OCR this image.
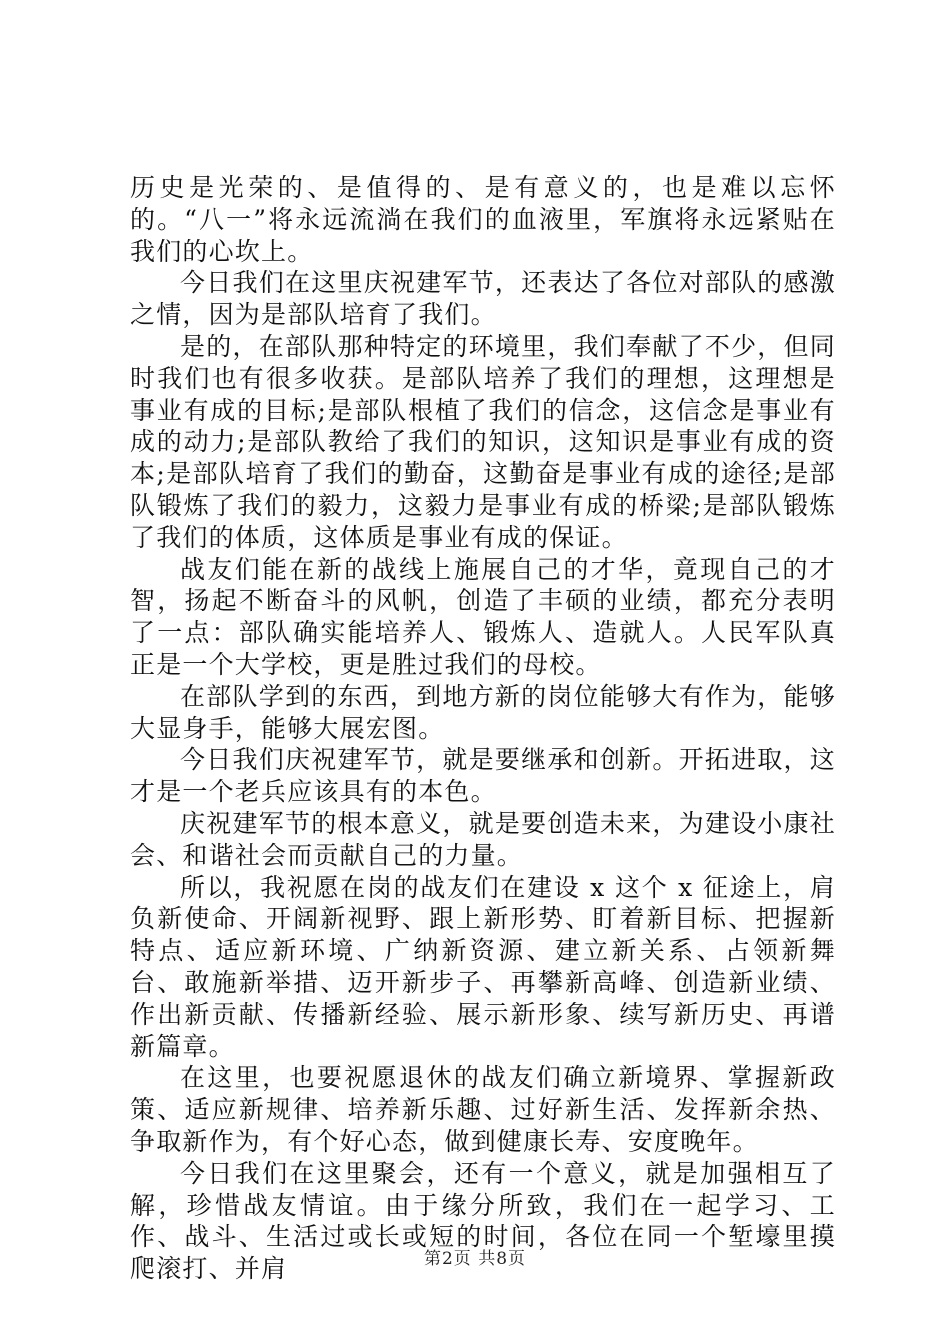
历史是光荣的、是值得的、是有意义的，也是难以忘怀的。“八一”将永远流淌在我们的血液里，军旗将永远紧贴在我们的心坎上。

今日我们在这里庆祝建军节，还表达了各位对部队的感激之情，因为是部队培育了我们。

是的，在部队那种特定的环境里，我们奉献了不少，但同时我们也有很多收获。是部队培养了我们的理想，这理想是事业有成的目标;是部队根植了我们的信念，这信念是事业有成的动力;是部队教给了我们的知识，这知识是事业有成的资本;是部队培育了我们的勤奋，这勤奋是事业有成的途径;是部队锻炼了我们的毅力，这毅力是事业有成的桥梁;是部队锻炼了我们的体质，这体质是事业有成的保证。

战友们能在新的战线上施展自己的才华，竟现自己的才智，扬起不断奋斗的风帆，创造了丰硕的业绩，都充分表明了一点：部队确实能培养人、锻炼人、造就人。人民军队真正是一个大学校，更是胜过我们的母校。

在部队学到的东西，到地方新的岗位能够大有作为，能够大显身手，能够大展宏图。

今日我们庆祝建军节，就是要继承和创新。开拓进取，这才是一个老兵应该具有的本色。

庆祝建军节的根本意义，就是要创造未来，为建设小康社会、和谐社会而贡献自己的力量。

所以，我祝愿在岗的战友们在建设 x 这个 x 征途上，肩负新使命、开阔新视野、跟上新形势、盯着新目标、把握新特点、适应新环境、广纳新资源、建立新关系、占领新舞台、敢施新举措、迈开新步子、再攀新高峰、创造新业绩、作出新贡献、传播新经验、展示新形象、续写新历史、再谱新篇章。

在这里，也要祝愿退休的战友们确立新境界、掌握新政策、适应新规律、培养新乐趣、过好新生活、发挥新余热、争取新作为，有个好心态，做到健康长寿、安度晚年。

今日我们在这里聚会，还有一个意义，就是加强相互了解，珍惜战友情谊。由于缘分所致，我们在一起学习、工作、战斗、生活过或长或短的时间，各位在同一个堑壕里摸爬滚打、并肩	第2页 共8页
